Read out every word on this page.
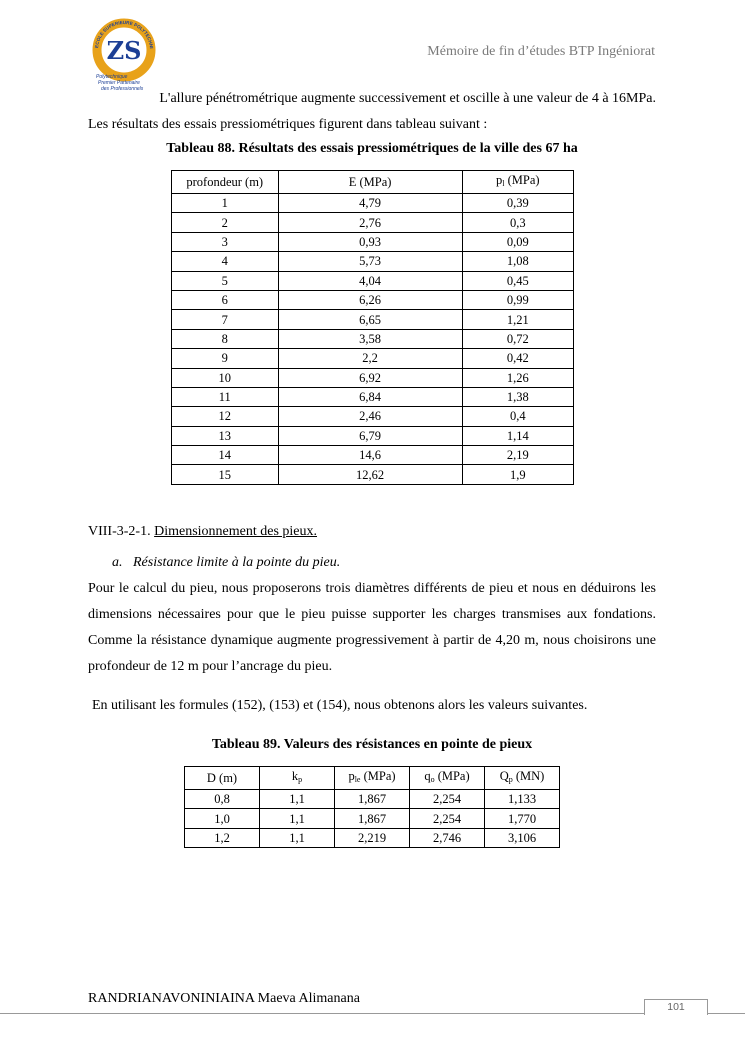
ECOLE SUPERIEURE POLYTECHNI
ZS
Polytechnique
Premier Partenaire
des Professionnels
Mémoire de fin d’études BTP Ingéniorat
L'allure pénétrométrique augmente successivement et oscille à une valeur de 4 à 16MPa.
Les résultats des essais pressiométriques figurent dans tableau suivant :
Tableau 88. Résultats des essais pressiométriques de la ville des 67 ha
profondeur (m)	E (MPa)	$p_l$ (MPa)
1	4,79	0,39
2	2,76	0,3
3	0,93	0,09
4	5,73	1,08
5	4,04	0,45
6	6,26	0,99
7	6,65	1,21
8	3,58	0,72
9	2,2	0,42
10	6,92	1,26
11	6,84	1,38
12	2,46	0,4
13	6,79	1,14
14	14,6	2,19
15	12,62	1,9
VIII-3-2-1. Dimensionnement des pieux.
a. Résistance limite à la pointe du pieu.
Pour le calcul du pieu, nous proposerons trois diamètres différents de pieu et nous en déduirons les dimensions nécessaires pour que le pieu puisse supporter les charges transmises aux fondations. Comme la résistance dynamique augmente progressivement à partir de 4,20 m, nous choisirons une profondeur de 12 m pour l’ancrage du pieu.
En utilisant les formules (152), (153) et (154), nous obtenons alors les valeurs suivantes.
Tableau 89. Valeurs des résistances en pointe de pieux
D (m)	$k_p$	$p_{le}$ (MPa)	$q_o$ (MPa)	$Q_p$ (MN)
0,8	1,1	1,867	2,254	1,133
1,0	1,1	1,867	2,254	1,770
1,2	1,1	2,219	2,746	3,106
RANDRIANAVONINIAINA Maeva Alimanana
101
